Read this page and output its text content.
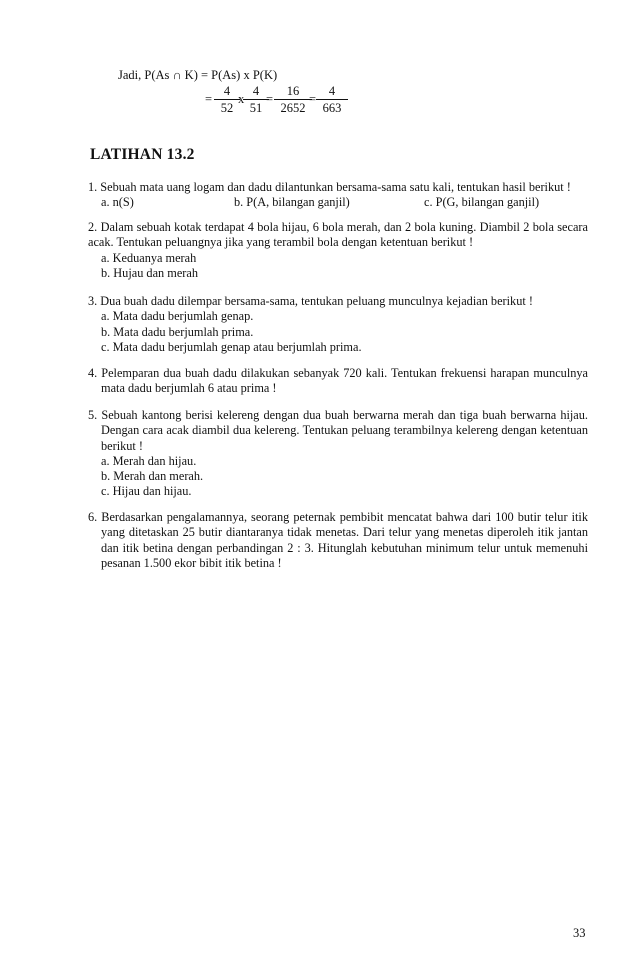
Jadi, P(As ∩ K) = P(As) x P(K)
= $\frac{4}{52}$
x
$\frac{4}{51}$
= $\frac{16}{2652}$
= $\frac{4}{663}$
LATIHAN 13.2

1. Sebuah mata uang logam dan dadu dilantunkan bersama-sama satu kali, tentukan hasil berikut !

a. n(S)	b. P(A, bilangan ganjil)	c. P(G, bilangan ganjil)

2. Dalam sebuah kotak terdapat 4 bola hijau, 6 bola merah, dan 2 bola kuning. Diambil 2 bola secara acak. Tentukan peluangnya jika yang terambil bola dengan ketentuan berikut !

a. Keduanya merah

b. Hujau dan merah

3. Dua buah dadu dilempar bersama-sama, tentukan peluang munculnya kejadian berikut !

a. Mata dadu berjumlah genap.

b. Mata dadu berjumlah prima.

c. Mata dadu berjumlah genap atau berjumlah prima.

4. Pelemparan dua buah dadu dilakukan sebanyak 720 kali. Tentukan frekuensi harapan munculnya mata dadu berjumlah 6 atau prima !

5. Sebuah kantong berisi kelereng dengan dua buah berwarna merah dan tiga buah berwarna hijau. Dengan cara acak diambil dua kelereng. Tentukan peluang terambilnya kelereng dengan ketentuan berikut !

a. Merah dan hijau.

b. Merah dan merah.

c. Hijau dan hijau.

6. Berdasarkan pengalamannya, seorang peternak pembibit mencatat bahwa dari 100 butir telur itik yang ditetaskan 25 butir diantaranya tidak menetas. Dari telur yang menetas diperoleh itik jantan dan itik betina dengan perbandingan 2 : 3. Hitunglah kebutuhan minimum telur untuk memenuhi pesanan 1.500 ekor bibit itik betina !

33
